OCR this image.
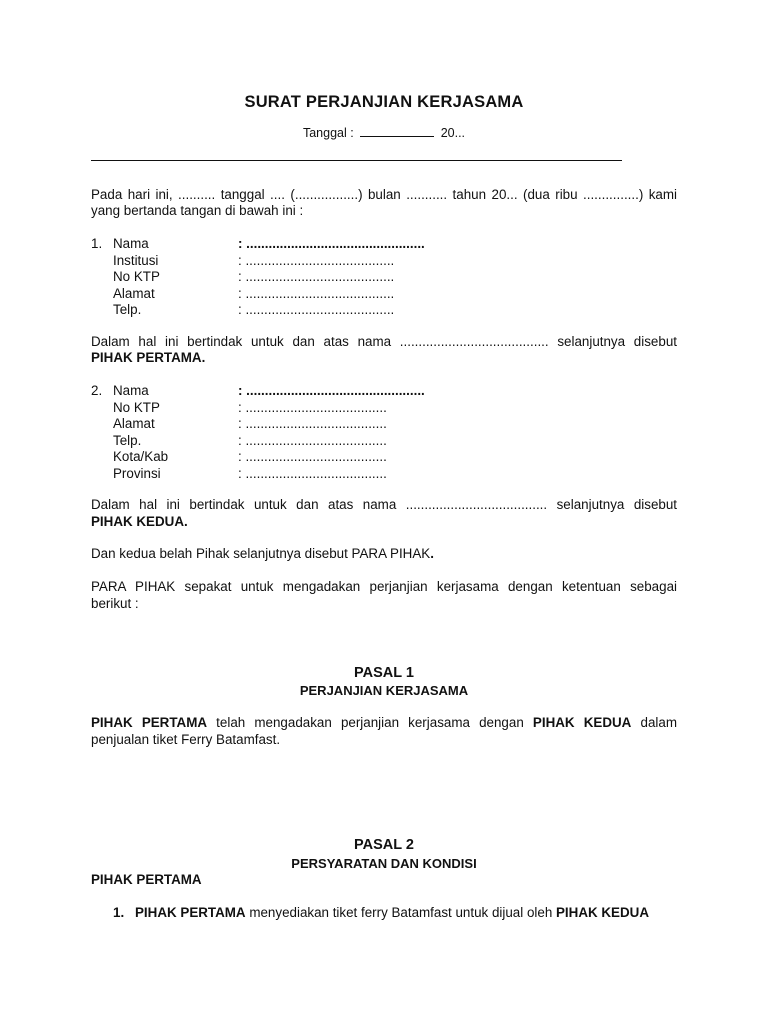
SURAT PERJANJIAN KERJASAMA
Tanggal :	20...
Pada hari ini, .......... tanggal .... (.................) bulan ........... tahun 20... (dua ribu ...............) kami
yang bertanda tangan di bawah ini :
1. Nama	: ................................................
Institusi	: ........................................
No KTP	: ........................................
Alamat	: ........................................
Telp.	: ........................................
Dalam hal ini bertindak untuk dan atas nama ........................................ selanjutnya disebut
PIHAK PERTAMA.
2. Nama	: ................................................
No KTP	: ......................................
Alamat	: ......................................
Telp.	: ......................................
Kota/Kab	: ......................................
Provinsi	: ......................................
Dalam hal ini bertindak untuk dan atas nama ...................................... selanjutnya disebut
PIHAK KEDUA.
Dan kedua belah Pihak selanjutnya disebut PARA PIHAK.
PARA PIHAK sepakat untuk mengadakan perjanjian kerjasama dengan ketentuan sebagai
berikut :
PASAL 1
PERJANJIAN KERJASAMA
PIHAK PERTAMA telah mengadakan perjanjian kerjasama dengan PIHAK KEDUA dalam
penjualan tiket Ferry Batamfast.
PASAL 2
PERSYARATAN DAN KONDISI
PIHAK PERTAMA
1. PIHAK PERTAMA menyediakan tiket ferry Batamfast untuk dijual oleh PIHAK KEDUA
